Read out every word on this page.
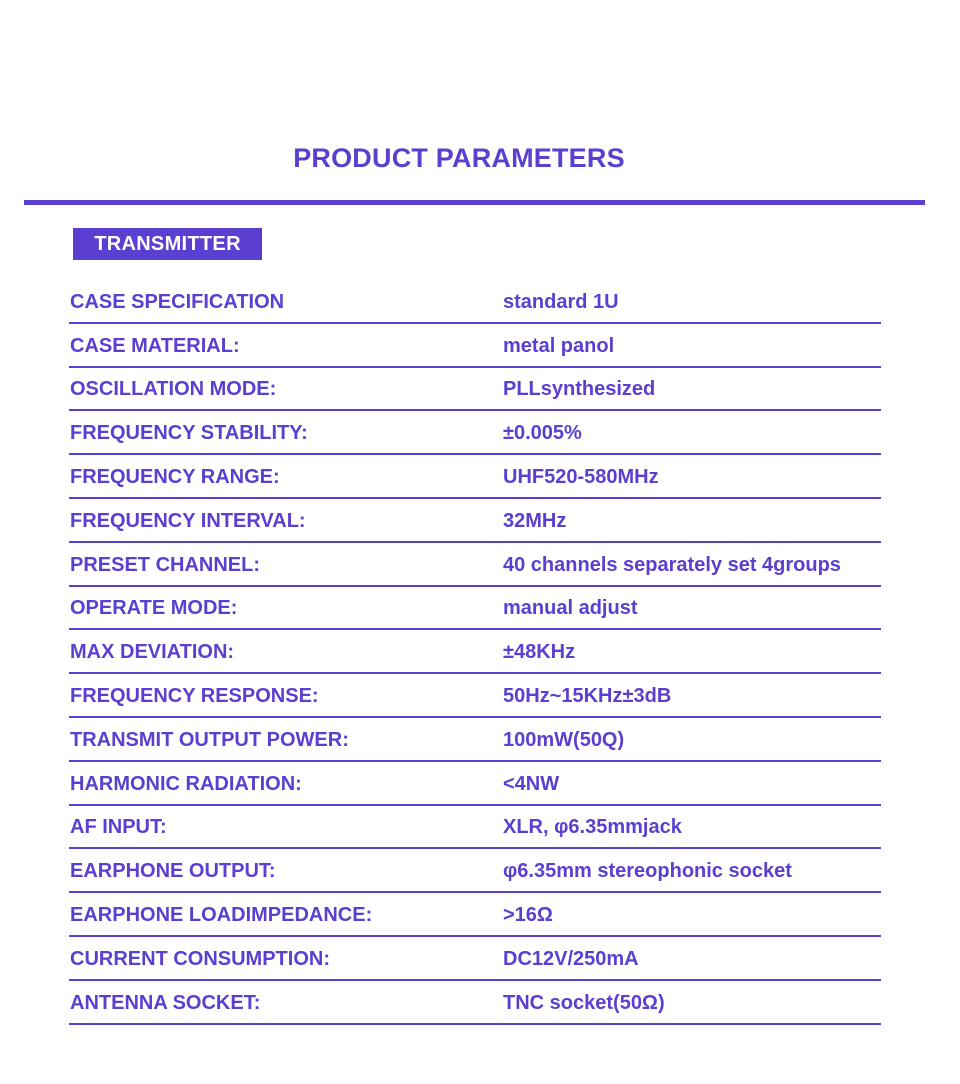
PRODUCT PARAMETERS
TRANSMITTER
CASE SPECIFICATION	standard 1U
CASE MATERIAL:	metal panol
OSCILLATION MODE:	PLLsynthesized
FREQUENCY STABILITY:	±0.005%
FREQUENCY RANGE:	UHF520-580MHz
FREQUENCY INTERVAL:	32MHz
PRESET CHANNEL:	40 channels separately set 4groups
OPERATE MODE:	manual adjust
MAX DEVIATION:	±48KHz
FREQUENCY RESPONSE:	50Hz~15KHz±3dB
TRANSMIT OUTPUT POWER:	100mW(50Q)
HARMONIC RADIATION:	<4NW
AF INPUT:	XLR, φ6.35mmjack
EARPHONE OUTPUT:	φ6.35mm stereophonic socket
EARPHONE LOADIMPEDANCE:	>16Ω
CURRENT CONSUMPTION:	DC12V/250mA
ANTENNA SOCKET:	TNC socket(50Ω)
